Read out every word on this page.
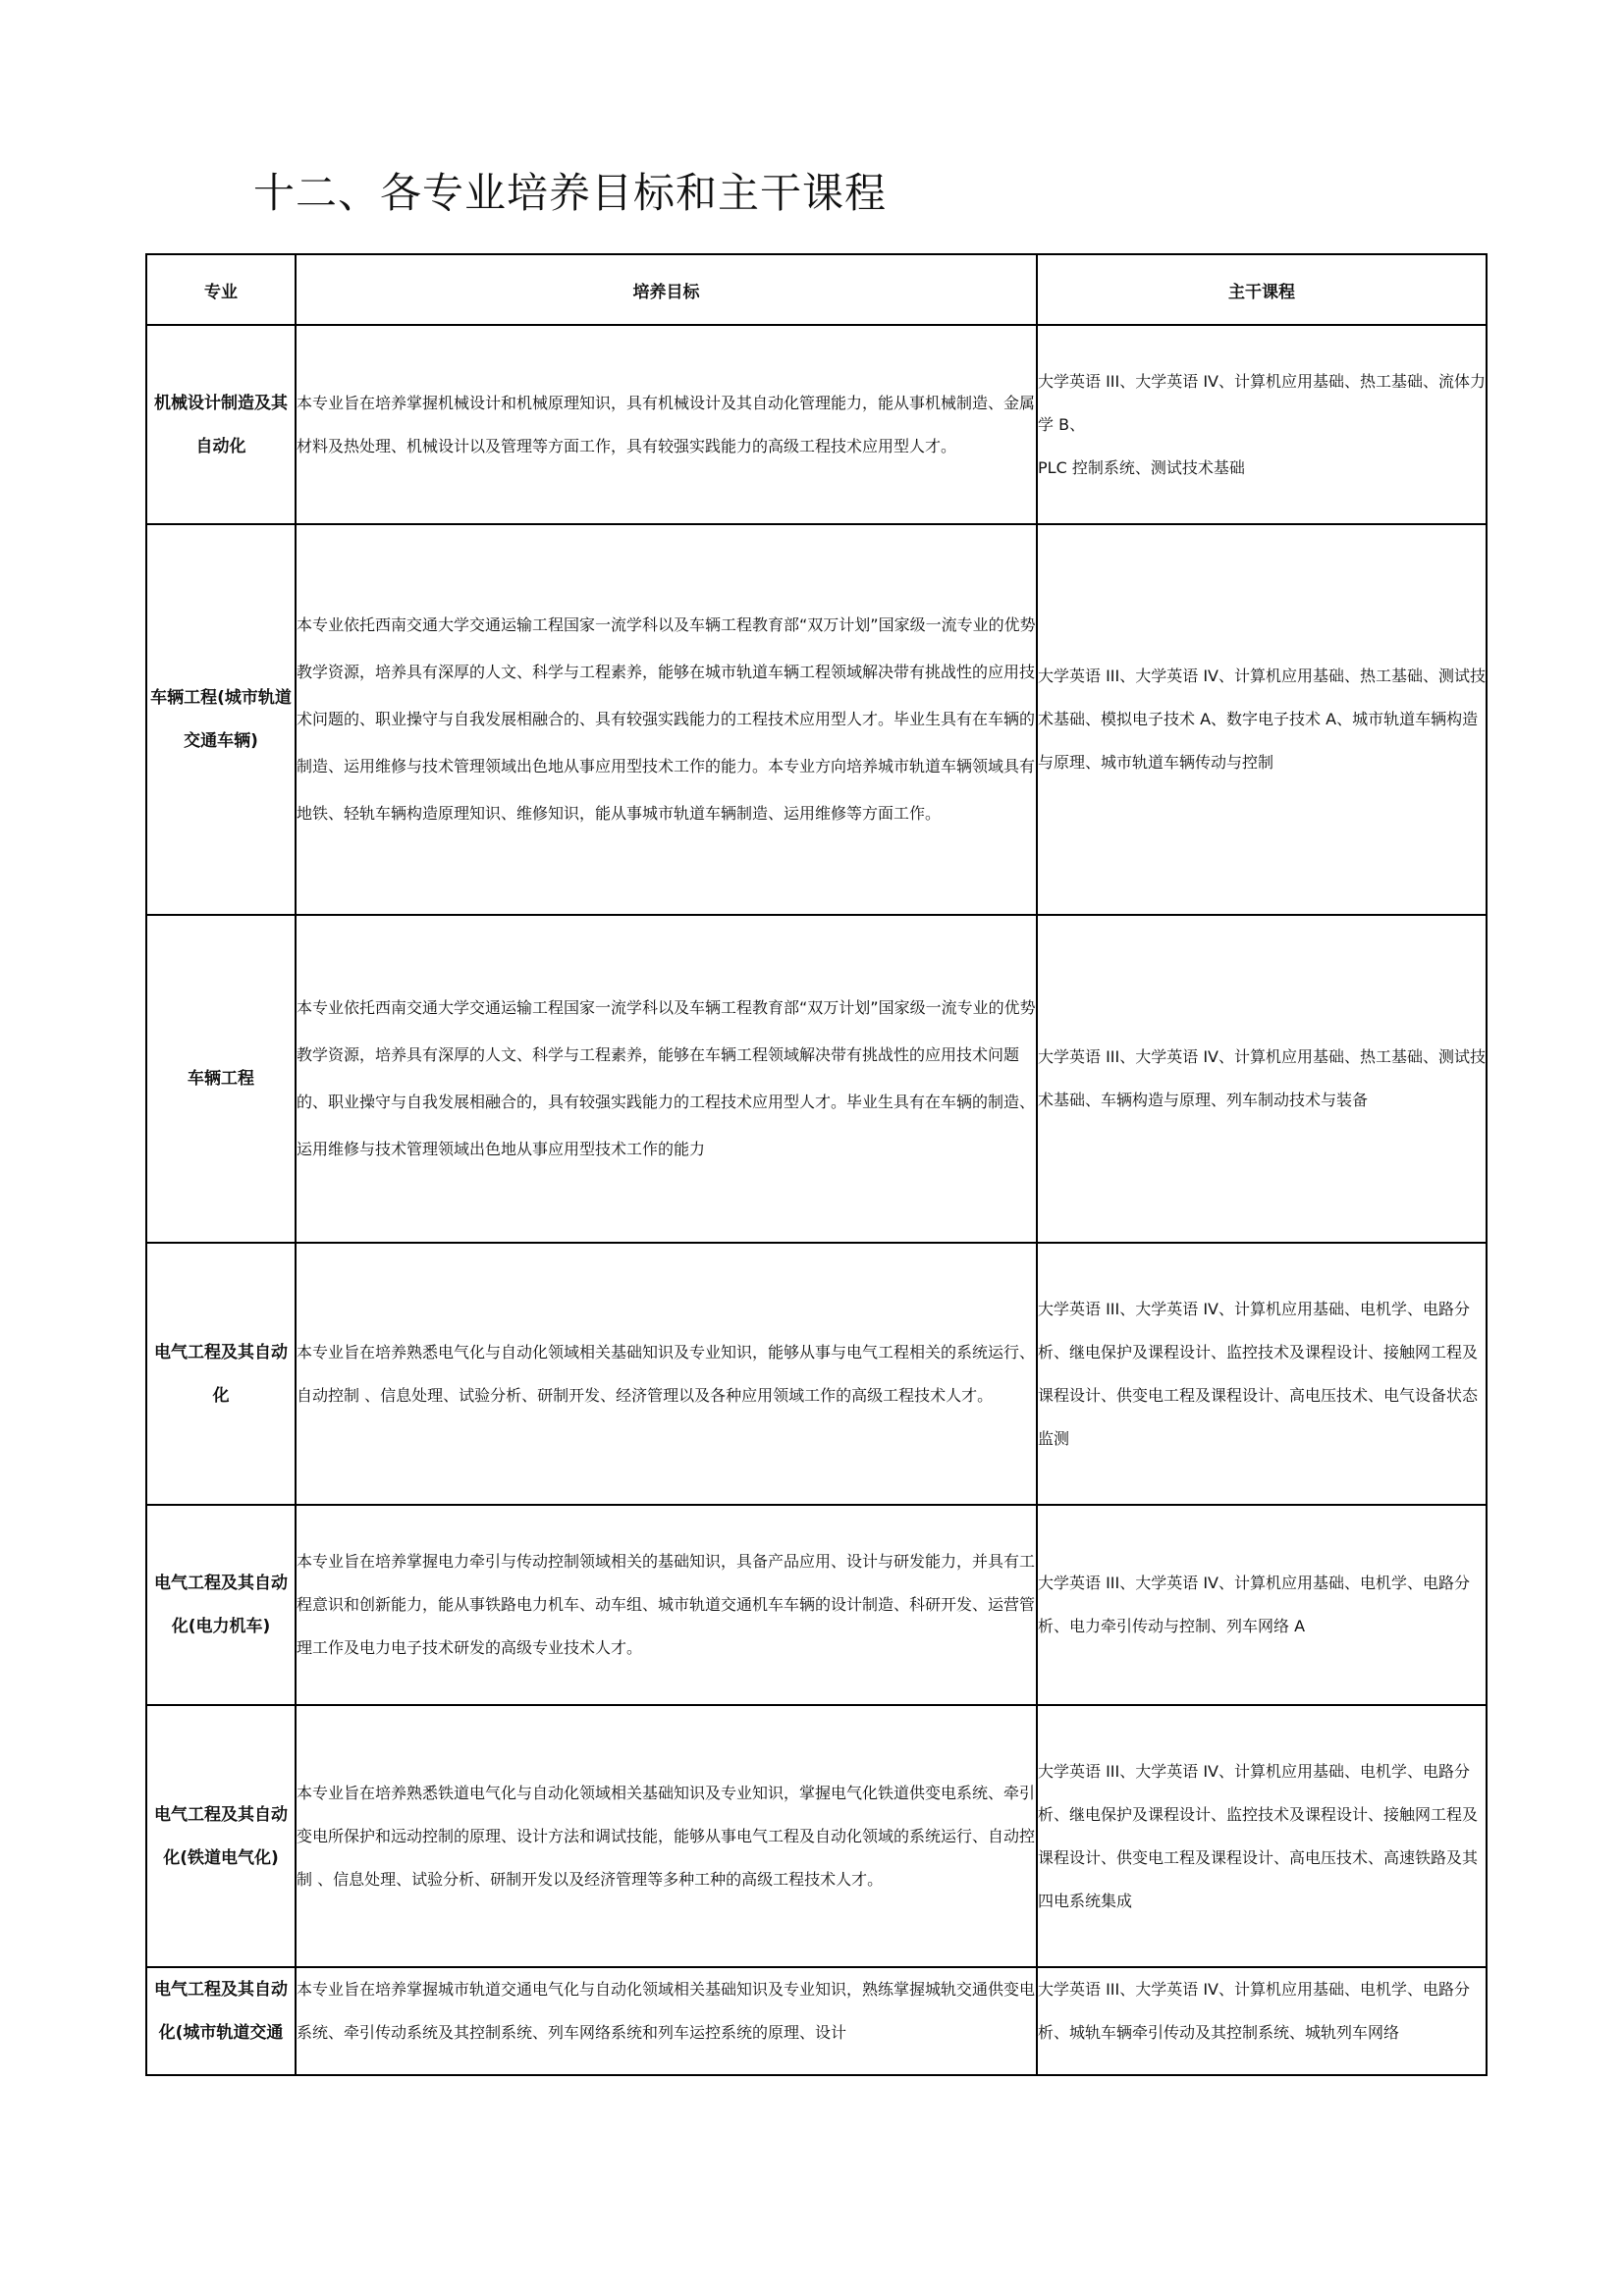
十二、各专业培养目标和主干课程
专业	培养目标	主干课程
机械设计制造及其自动化	本专业旨在培养掌握机械设计和机械原理知识，具有机械设计及其自动化管理能力，能从事机械制造、金属材料及热处理、机械设计以及管理等方面工作，具有较强实践能力的高级工程技术应用型人才。	大学英语 III、大学英语 IV、计算机应用基础、热工基础、流体力学 B、
PLC 控制系统、测试技术基础

车辆工程(城市轨道交通车辆)	本专业依托西南交通大学交通运输工程国家一流学科以及车辆工程教育部“双万计划”国家级一流专业的优势教学资源，培养具有深厚的人文、科学与工程素养，能够在城市轨道车辆工程领域解决带有挑战性的应用技术问题的、职业操守与自我发展相融合的、具有较强实践能力的工程技术应用型人才。毕业生具有在车辆的制造、运用维修与技术管理领域出色地从事应用型技术工作的能力。本专业方向培养城市轨道车辆领域具有地铁、轻轨车辆构造原理知识、维修知识，能从事城市轨道车辆制造、运用维修等方面工作。	大学英语 III、大学英语 IV、计算机应用基础、热工基础、测试技术基础、模拟电子技术 A、数字电子技术 A、城市轨道车辆构造与原理、城市轨道车辆传动与控制

车辆工程	本专业依托西南交通大学交通运输工程国家一流学科以及车辆工程教育部“双万计划”国家级一流专业的优势教学资源，培养具有深厚的人文、科学与工程素养，能够在车辆工程领域解决带有挑战性的应用技术问题的、职业操守与自我发展相融合的，具有较强实践能力的工程技术应用型人才。毕业生具有在车辆的制造、运用维修与技术管理领域出色地从事应用型技术工作的能力	大学英语 III、大学英语 IV、计算机应用基础、热工基础、测试技术基础、车辆构造与原理、列车制动技术与装备

电气工程及其自动化	本专业旨在培养熟悉电气化与自动化领域相关基础知识及专业知识，能够从事与电气工程相关的系统运行、自动控制 、信息处理、试验分析、研制开发、经济管理以及各种应用领域工作的高级工程技术人才。	大学英语 III、大学英语 IV、计算机应用基础、电机学、电路分析、继电保护及课程设计、监控技术及课程设计、接触网工程及课程设计、供变电工程及课程设计、高电压技术、电气设备状态监测

电气工程及其自动化(电力机车)	本专业旨在培养掌握电力牵引与传动控制领域相关的基础知识，具备产品应用、设计与研发能力，并具有工程意识和创新能力，能从事铁路电力机车、动车组、城市轨道交通机车车辆的设计制造、科研开发、运营管理工作及电力电子技术研发的高级专业技术人才。	大学英语 III、大学英语 IV、计算机应用基础、电机学、电路分析、电力牵引传动与控制、列车网络 A

电气工程及其自动化(铁道电气化)	本专业旨在培养熟悉铁道电气化与自动化领域相关基础知识及专业知识，掌握电气化铁道供变电系统、牵引变电所保护和远动控制的原理、设计方法和调试技能，能够从事电气工程及自动化领域的系统运行、自动控制 、信息处理、试验分析、研制开发以及经济管理等多种工种的高级工程技术人才。	大学英语 III、大学英语 IV、计算机应用基础、电机学、电路分析、继电保护及课程设计、监控技术及课程设计、接触网工程及课程设计、供变电工程及课程设计、高电压技术、高速铁路及其四电系统集成

电气工程及其自动化(城市轨道交通	本专业旨在培养掌握城市轨道交通电气化与自动化领域相关基础知识及专业知识，熟练掌握城轨交通供变电系统、牵引传动系统及其控制系统、列车网络系统和列车运控系统的原理、设计	大学英语 III、大学英语 IV、计算机应用基础、电机学、电路分析、城轨车辆牵引传动及其控制系统、城轨列车网络
